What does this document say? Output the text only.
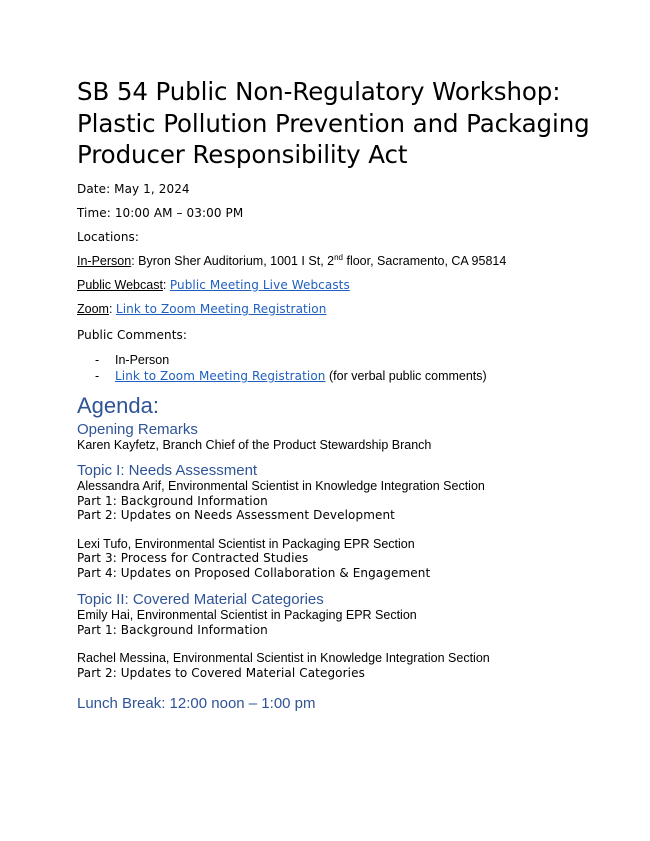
SB 54 Public Non-Regulatory Workshop: Plastic Pollution Prevention and Packaging Producer Responsibility Act

Date: May 1, 2024

Time: 10:00 AM – 03:00 PM

Locations:

In-Person: Byron Sher Auditorium, 1001 I St, 2nd floor, Sacramento, CA 95814

Public Webcast: Public Meeting Live Webcasts

Zoom: Link to Zoom Meeting Registration

Public Comments:

- In-Person
- Link to Zoom Meeting Registration (for verbal public comments)
Agenda:
Opening Remarks

Karen Kayfetz, Branch Chief of the Product Stewardship Branch

Topic I: Needs Assessment

Alessandra Arif, Environmental Scientist in Knowledge Integration Section

Part 1: Background Information

Part 2: Updates on Needs Assessment Development

Lexi Tufo, Environmental Scientist in Packaging EPR Section

Part 3: Process for Contracted Studies

Part 4: Updates on Proposed Collaboration & Engagement

Topic II: Covered Material Categories

Emily Hai, Environmental Scientist in Packaging EPR Section

Part 1: Background Information

Rachel Messina, Environmental Scientist in Knowledge Integration Section

Part 2: Updates to Covered Material Categories

Lunch Break: 12:00 noon – 1:00 pm
